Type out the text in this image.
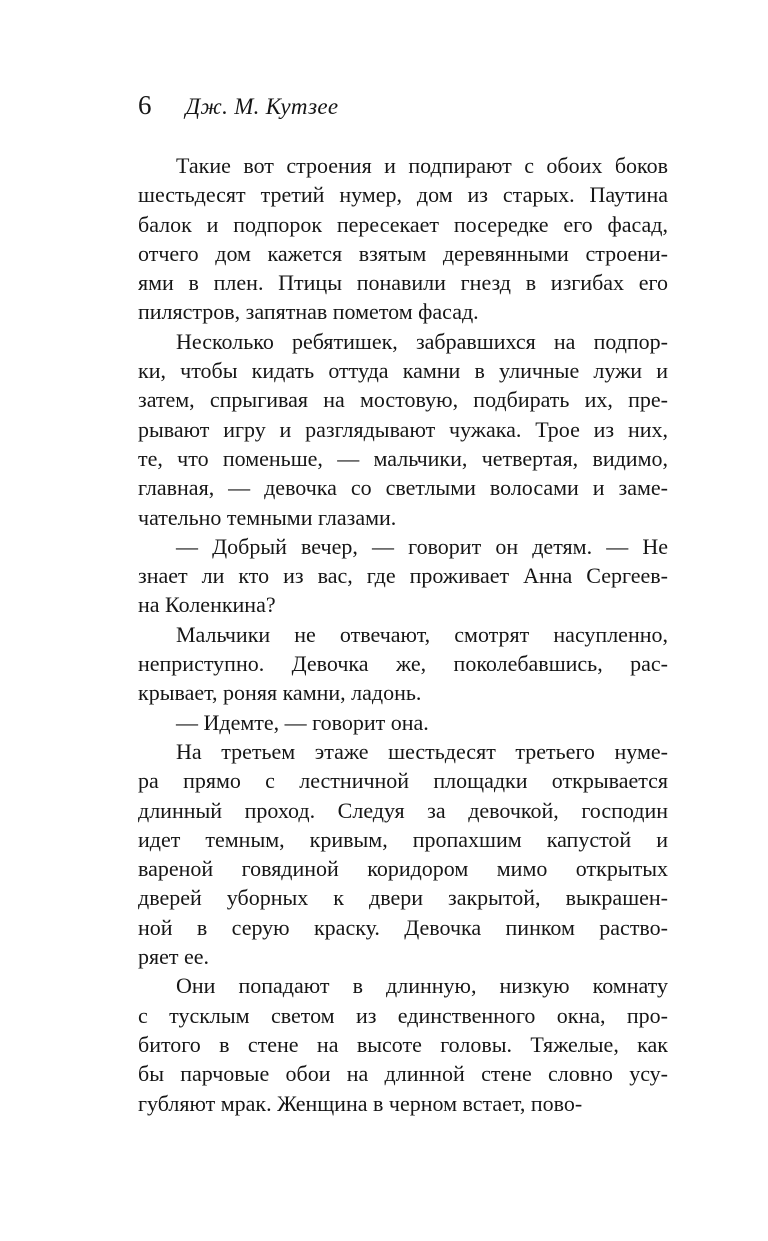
6 Дж. М. Кутзее
Такие вот строения и подпирают с обоих боков
шестьдесят третий нумер, дом из старых. Паутина
балок и подпорок пересекает посередке его фасад,
отчего дом кажется взятым деревянными строени-
ями в плен. Птицы понавили гнезд в изгибах его
пилястров, запятнав пометом фасад.
Несколько ребятишек, забравшихся на подпор-
ки, чтобы кидать оттуда камни в уличные лужи и
затем, спрыгивая на мостовую, подбирать их, пре-
рывают игру и разглядывают чужака. Трое из них,
те, что поменьше, — мальчики, четвертая, видимо,
главная, — девочка со светлыми волосами и заме-
чательно темными глазами.
— Добрый вечер, — говорит он детям. — Не
знает ли кто из вас, где проживает Анна Сергеев-
на Коленкина?
Мальчики не отвечают, смотрят насупленно,
неприступно. Девочка же, поколебавшись, рас-
крывает, роняя камни, ладонь.
— Идемте, — говорит она.
На третьем этаже шестьдесят третьего нуме-
ра прямо с лестничной площадки открывается
длинный проход. Следуя за девочкой, господин
идет темным, кривым, пропахшим капустой и
вареной говядиной коридором мимо открытых
дверей уборных к двери закрытой, выкрашен-
ной в серую краску. Девочка пинком раство-
ряет ее.
Они попадают в длинную, низкую комнату
с тусклым светом из единственного окна, про-
битого в стене на высоте головы. Тяжелые, как
бы парчовые обои на длинной стене словно усу-
губляют мрак. Женщина в черном встает, пово-
